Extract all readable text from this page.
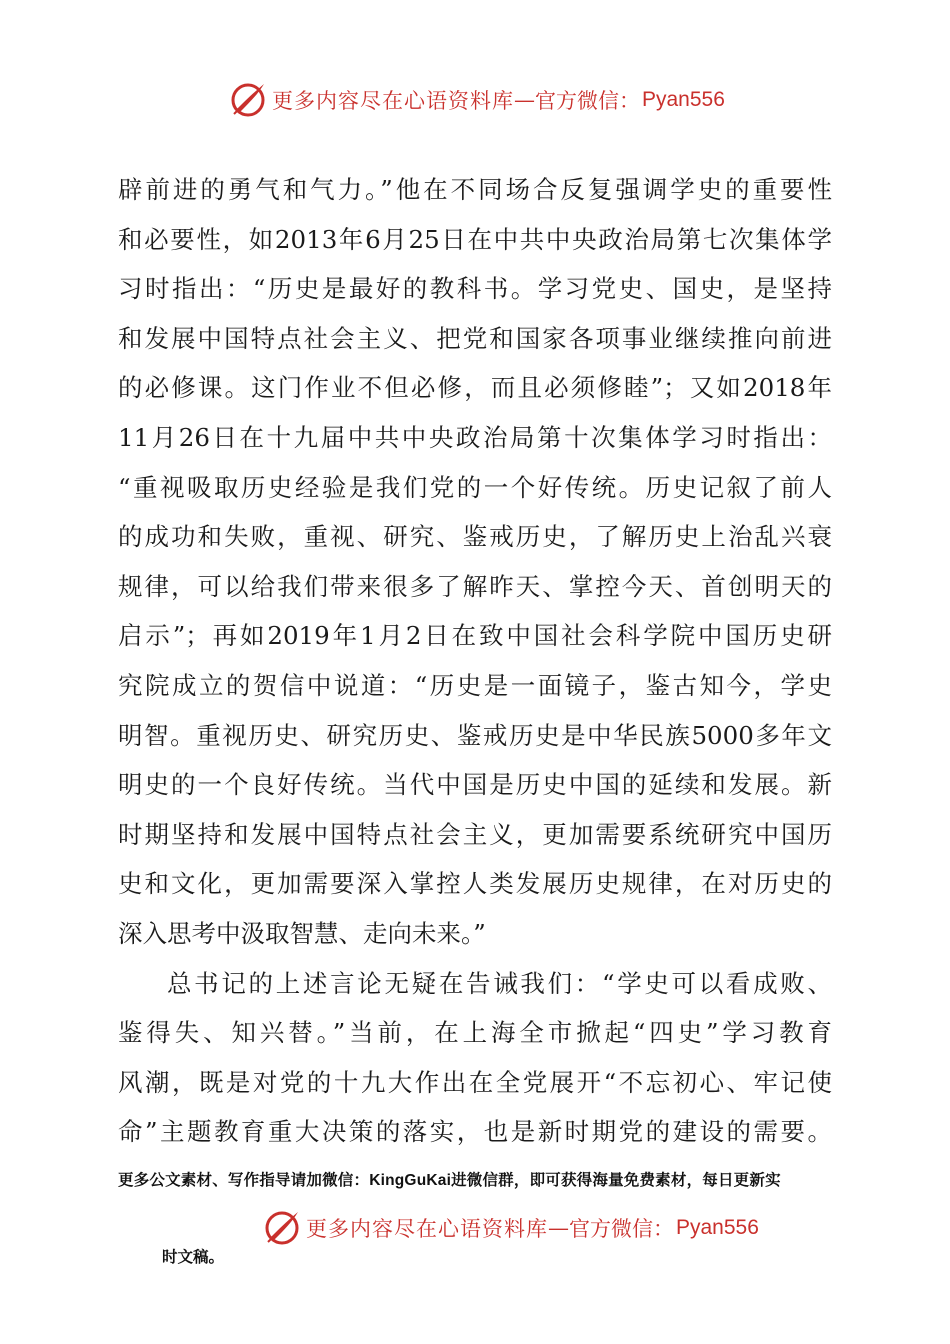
更多内容尽在心语资料库 — 官方微信： Pyan556
辟前进的勇气和气力。”他在不同场合反复强调学史的重要性
和必要性，如2013年6月25日在中共中央政治局第七次集体学
习时指出：“历史是最好的教科书。学习党史、国史，是坚持
和发展中国特点社会主义、把党和国家各项事业继续推向前进
的必修课。这门作业不但必修，而且必须修睦”；又如2018年
11月26日在十九届中共中央政治局第十次集体学习时指出：
“重视吸取历史经验是我们党的一个好传统。历史记叙了前人
的成功和失败，重视、研究、鉴戒历史，了解历史上治乱兴衰
规律，可以给我们带来很多了解昨天、掌控今天、首创明天的
启示”；再如2019年1月2日在致中国社会科学院中国历史研
究院成立的贺信中说道：“历史是一面镜子，鉴古知今，学史
明智。重视历史、研究历史、鉴戒历史是中华民族5000多年文
明史的一个良好传统。当代中国是历史中国的延续和发展。新
时期坚持和发展中国特点社会主义，更加需要系统研究中国历
史和文化，更加需要深入掌控人类发展历史规律，在对历史的
深入思考中汲取智慧、走向未来。”
总书记的上述言论无疑在告诫我们：“学史可以看成败、
鉴得失、知兴替。”当前，在上海全市掀起“四史”学习教育
风潮，既是对党的十九大作出在全党展开“不忘初心、牢记使
命”主题教育重大决策的落实，也是新时期党的建设的需要。
更多公文素材、写作指导请加微信：KingGuKai进微信群，即可获得海量免费素材，每日更新实
更多内容尽在心语资料库 — 官方微信： Pyan556
时文稿。
